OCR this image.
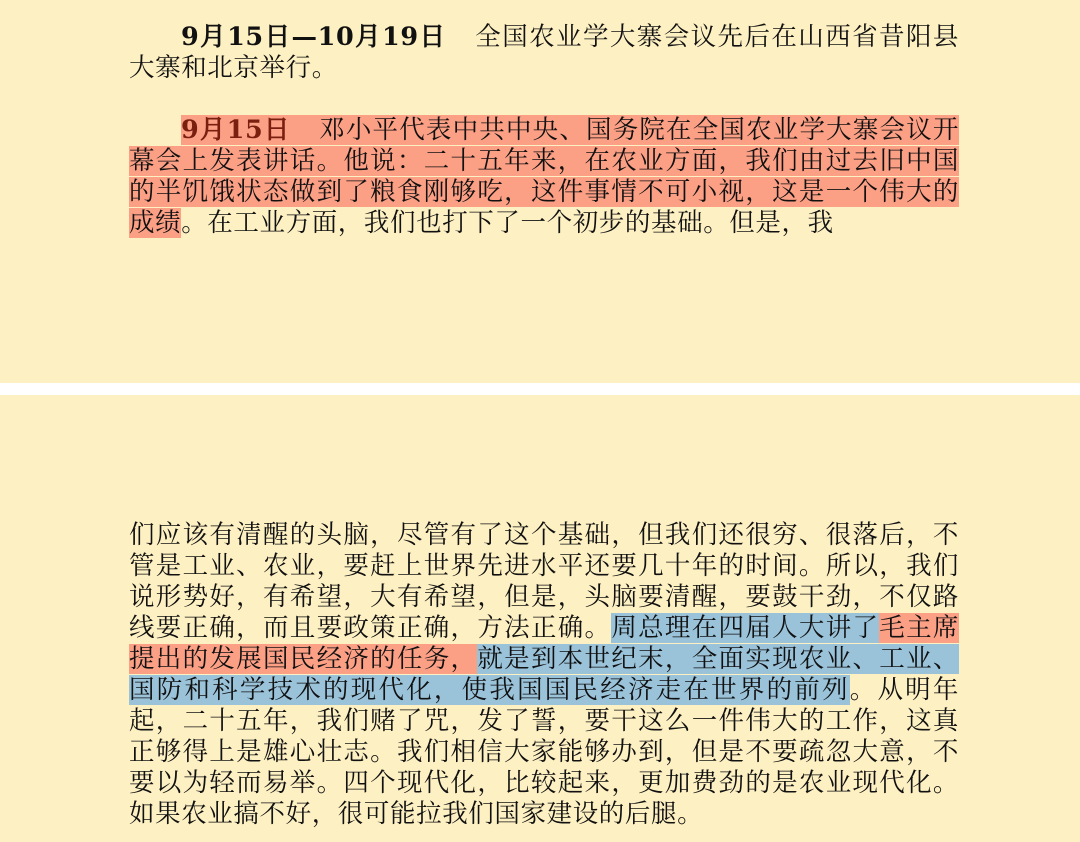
9月15日—10月19日 全国农业学大寨会议先后在山西省昔阳县大寨和北京举行。

9月15日 邓小平代表中共中央、国务院在全国农业学大寨会议开幕会上发表讲话。他说：二十五年来，在农业方面，我们由过去旧中国的半饥饿状态做到了粮食刚够吃，这件事情不可小视，这是一个伟大的成绩。在工业方面，我们也打下了一个初步的基础。但是，我

们应该有清醒的头脑，尽管有了这个基础，但我们还很穷、很落后，不管是工业、农业，要赶上世界先进水平还要几十年的时间。所以，我们说形势好，有希望，大有希望，但是，头脑要清醒，要鼓干劲，不仅路线要正确，而且要政策正确，方法正确。周总理在四届人大讲了毛主席提出的发展国民经济的任务，就是到本世纪末，全面实现农业、工业、国防和科学技术的现代化，使我国国民经济走在世界的前列。从明年起，二十五年，我们赌了咒，发了誓，要干这么一件伟大的工作，这真正够得上是雄心壮志。我们相信大家能够办到，但是不要疏忽大意，不要以为轻而易举。四个现代化，比较起来，更加费劲的是农业现代化。如果农业搞不好，很可能拉我们国家建设的后腿。
